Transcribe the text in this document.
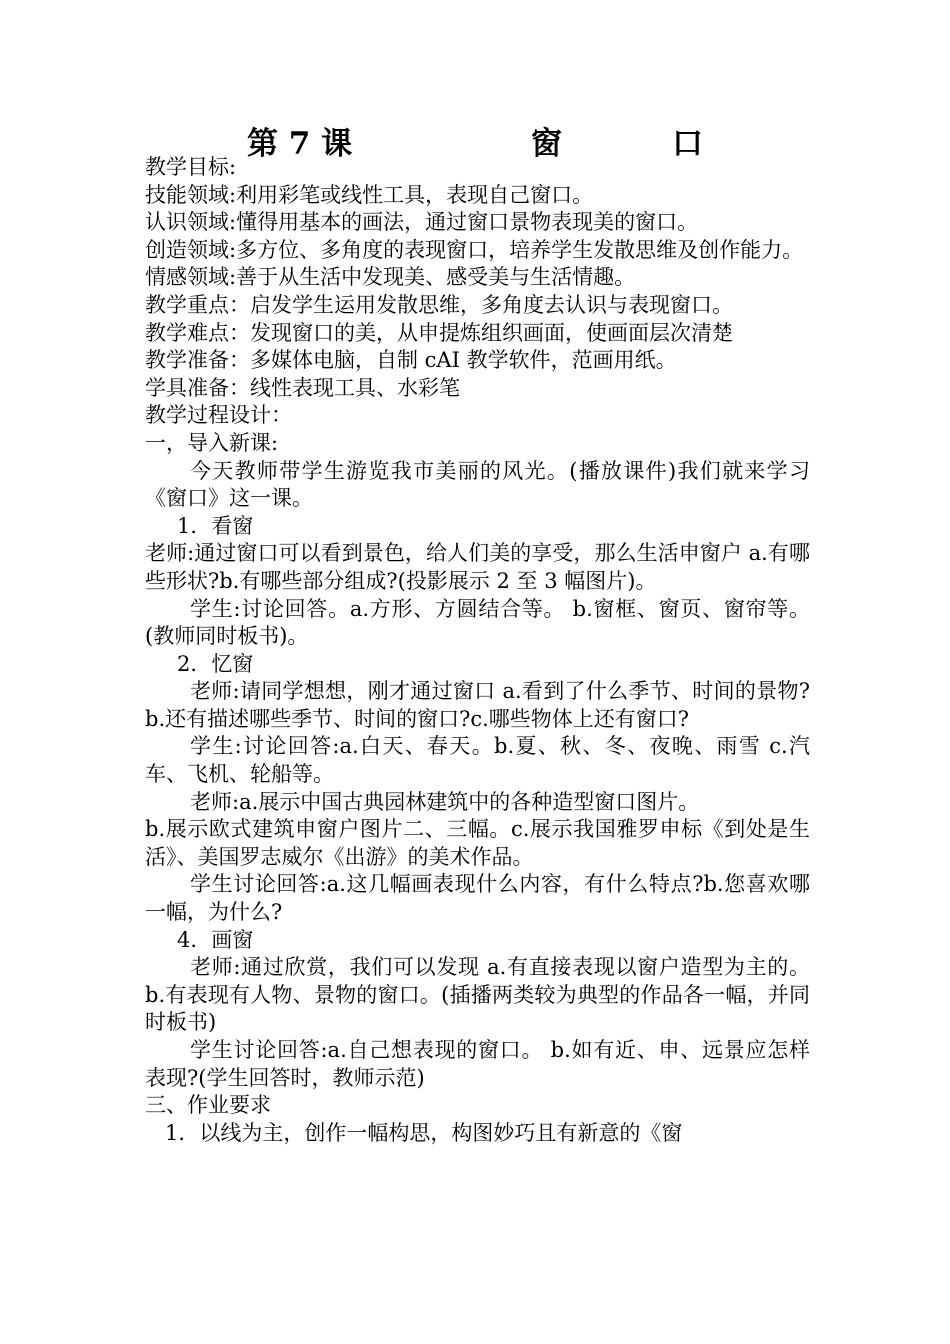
第 7 课	窗	口

教学目标:

技能领域:利用彩笔或线性工具，表现自己窗口。

认识领域:懂得用基本的画法，通过窗口景物表现美的窗口。

创造领域:多方位、多角度的表现窗口，培养学生发散思维及创作能力。

情感领域:善于从生活中发现美、感受美与生活情趣。

教学重点：启发学生运用发散思维，多角度去认识与表现窗口。

教学难点：发现窗口的美，从申提炼组织画面，使画面层次清楚

教学准备：多媒体电脑，自制 cAI 教学软件，范画用纸。

学具准备：线性表现工具、水彩笔

教学过程设计：

一，导入新课:

今天教师带学生游览我市美丽的风光。(播放课件)我们就来学习《窗口》这一课。

1．看窗

老师:通过窗口可以看到景色，给人们美的享受，那么生活申窗户 a.有哪些形状?b.有哪些部分组成?(投影展示 2 至 3 幅图片)。

学生:讨论回答。a.方形、方圆结合等。 b.窗框、窗页、窗帘等。(教师同时板书)。

2．忆窗

老师:请同学想想，刚才通过窗口 a.看到了什么季节、时间的景物?b.还有描述哪些季节、时间的窗口?c.哪些物体上还有窗口?

学生:讨论回答:a.白天、春天。b.夏、秋、冬、夜晚、雨雪 c.汽车、飞机、轮船等。

老师:a.展示中国古典园林建筑中的各种造型窗口图片。

b.展示欧式建筑申窗户图片二、三幅。c.展示我国雅罗申标《到处是生活》、美国罗志威尔《出游》的美术作品。

学生讨论回答:a.这几幅画表现什么内容，有什么特点?b.您喜欢哪一幅，为什么?

4．画窗

老师:通过欣赏，我们可以发现 a.有直接表现以窗户造型为主的。b.有表现有人物、景物的窗口。(插播两类较为典型的作品各一幅，并同时板书)

学生讨论回答:a.自己想表现的窗口。 b.如有近、申、远景应怎样表现?(学生回答时，教师示范)

三、作业要求

1．以线为主，创作一幅构思，构图妙巧且有新意的《窗
